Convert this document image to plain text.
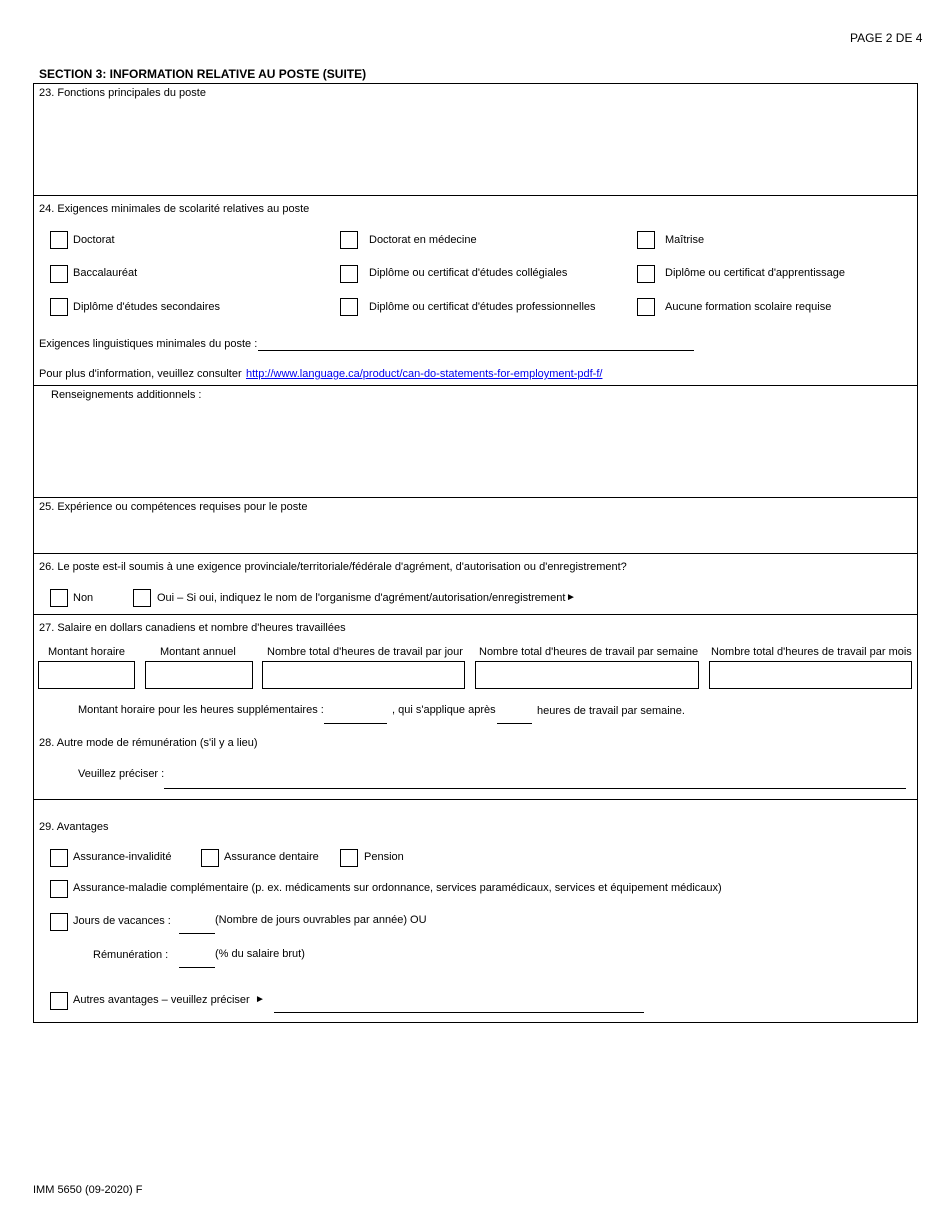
PAGE 2 DE 4
SECTION 3: INFORMATION RELATIVE AU POSTE (SUITE)
23. Fonctions principales du poste
24. Exigences minimales de scolarité relatives au poste
Doctorat	Doctorat en médecine	Maîtrise
Baccalauréat	Diplôme ou certificat d'études collégiales	Diplôme ou certificat d'apprentissage
Diplôme d'études secondaires	Diplôme ou certificat d'études professionnelles	Aucune formation scolaire requise
Exigences linguistiques minimales du poste :
Pour plus d'information, veuillez consulter http://www.language.ca/product/can-do-statements-for-employment-pdf-f/
Renseignements additionnels :
25. Expérience ou compétences requises pour le poste
26. Le poste est-il soumis à une exigence provinciale/territoriale/fédérale d'agrément, d'autorisation ou d'enregistrement?
Non	Oui – Si oui, indiquez le nom de l'organisme d'agrément/autorisation/enregistrement ►
27. Salaire en dollars canadiens et nombre d'heures travaillées
Montant horaire	Montant annuel	Nombre total d'heures de travail par jour Nombre total d'heures de travail par semaine Nombre total d'heures de travail par mois
Montant horaire pour les heures supplémentaires :	, qui s'applique après	heures de travail par semaine.
28. Autre mode de rémunération (s'il y a lieu)
Veuillez préciser :
29. Avantages
Assurance-invalidité	Assurance dentaire	Pension
Assurance-maladie complémentaire (p. ex. médicaments sur ordonnance, services paramédicaux, services et équipement médicaux)
Jours de vacances :	(Nombre de jours ouvrables par année) OU
Rémunération :	(% du salaire brut)
Autres avantages – veuillez préciser ►
IMM 5650 (09-2020) F
